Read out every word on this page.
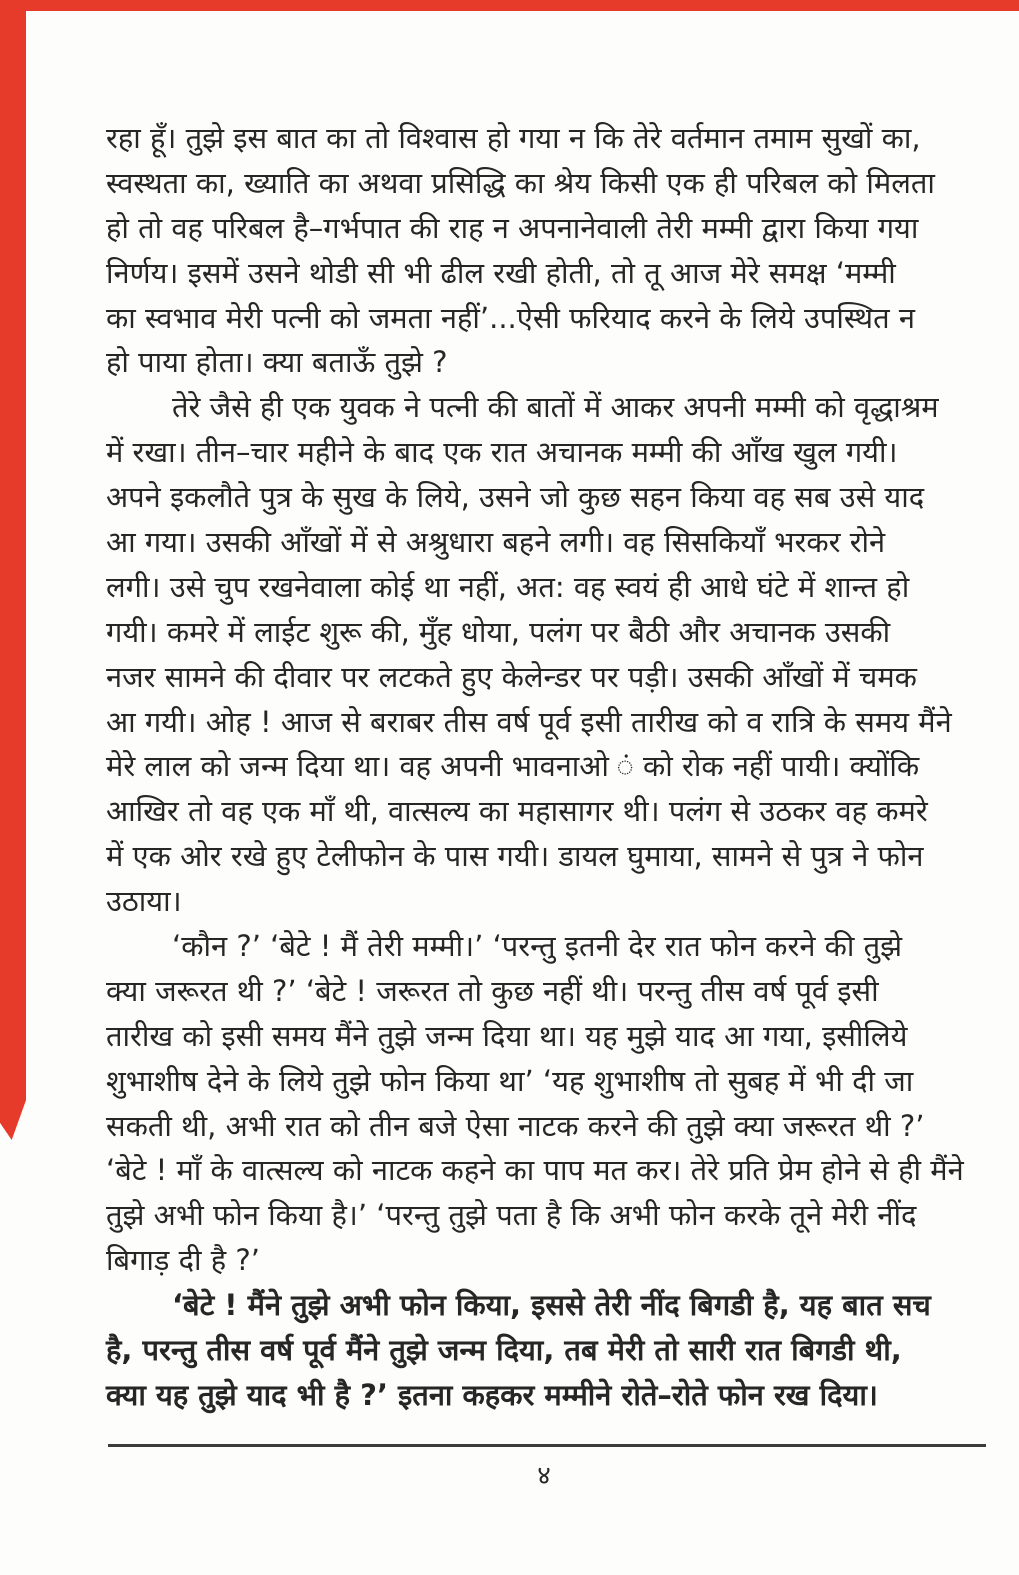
रहा हूँ। तुझे इस बात का तो विश्वास हो गया न कि तेरे वर्तमान तमाम सुखों का,
स्वस्थता का, ख्याति का अथवा प्रसिद्धि का श्रेय किसी एक ही परिबल को मिलता
हो तो वह परिबल है–गर्भपात की राह न अपनानेवाली तेरी मम्मी द्वारा किया गया
निर्णय। इसमें उसने थोडी सी भी ढील रखी होती, तो तू आज मेरे समक्ष ‘मम्मी
का स्वभाव मेरी पत्नी को जमता नहीं’...ऐसी फरियाद करने के लिये उपस्थित न
हो पाया होता। क्या बताऊँ तुझे ?
तेरे जैसे ही एक युवक ने पत्नी की बातों में आकर अपनी मम्मी को वृद्धाश्रम
में रखा। तीन–चार महीने के बाद एक रात अचानक मम्मी की आँख खुल गयी।
अपने इकलौते पुत्र के सुख के लिये, उसने जो कुछ सहन किया वह सब उसे याद
आ गया। उसकी आँखों में से अश्रुधारा बहने लगी। वह सिसकियाँ भरकर रोने
लगी। उसे चुप रखनेवाला कोई था नहीं, अत: वह स्वयं ही आधे घंटे में शान्त हो
गयी। कमरे में लाईट शुरू की, मुँह धोया, पलंग पर बैठी और अचानक उसकी
नजर सामने की दीवार पर लटकते हुए केलेन्डर पर पड़ी। उसकी आँखों में चमक
आ गयी। ओह ! आज से बराबर तीस वर्ष पूर्व इसी तारीख को व रात्रि के समय मैंने
मेरे लाल को जन्म दिया था। वह अपनी भावनाओ ं को रोक नहीं पायी। क्योंकि
आखिर तो वह एक माँ थी, वात्सल्य का महासागर थी। पलंग से उठकर वह कमरे
में एक ओर रखे हुए टेलीफोन के पास गयी। डायल घुमाया, सामने से पुत्र ने फोन
उठाया।
‘कौन ?’ ‘बेटे ! मैं तेरी मम्मी।’ ‘परन्तु इतनी देर रात फोन करने की तुझे
क्या जरूरत थी ?’ ‘बेटे ! जरूरत तो कुछ नहीं थी। परन्तु तीस वर्ष पूर्व इसी
तारीख को इसी समय मैंने तुझे जन्म दिया था। यह मुझे याद आ गया, इसीलिये
शुभाशीष देने के लिये तुझे फोन किया था’ ‘यह शुभाशीष तो सुबह में भी दी जा
सकती थी, अभी रात को तीन बजे ऐसा नाटक करने की तुझे क्या जरूरत थी ?’
‘बेटे ! माँ के वात्सल्य को नाटक कहने का पाप मत कर। तेरे प्रति प्रेम होने से ही मैंने
तुझे अभी फोन किया है।’ ‘परन्तु तुझे पता है कि अभी फोन करके तूने मेरी नींद
बिगाड़ दी है ?’
‘बेटे ! मैंने तुझे अभी फोन किया, इससे तेरी नींद बिगडी है, यह बात सच
है, परन्तु तीस वर्ष पूर्व मैंने तुझे जन्म दिया, तब मेरी तो सारी रात बिगडी थी,
क्या यह तुझे याद भी है ?’ इतना कहकर मम्मीने रोते–रोते फोन रख दिया।
४
